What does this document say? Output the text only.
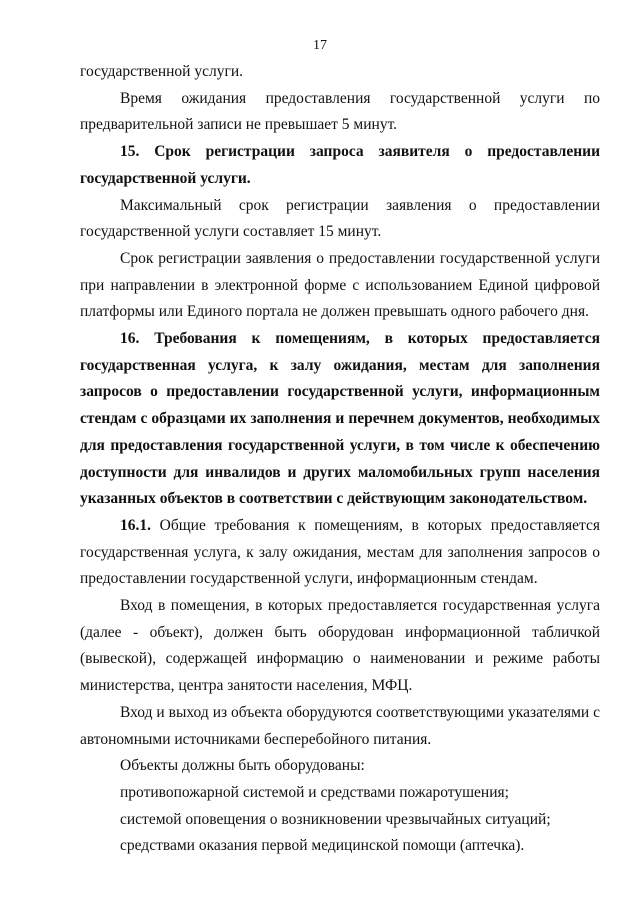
17

государственной услуги.

Время ожидания предоставления государственной услуги по предварительной записи не превышает 5 минут.

15. Срок регистрации запроса заявителя о предоставлении государственной услуги.

Максимальный срок регистрации заявления о предоставлении государственной услуги составляет 15 минут.

Срок регистрации заявления о предоставлении государственной услуги при направлении в электронной форме с использованием Единой цифровой платформы или Единого портала не должен превышать одного рабочего дня.

16. Требования к помещениям, в которых предоставляется государственная услуга, к залу ожидания, местам для заполнения запросов о предоставлении государственной услуги, информационным стендам с образцами их заполнения и перечнем документов, необходимых для предоставления государственной услуги, в том числе к обеспечению доступности для инвалидов и других маломобильных групп населения указанных объектов в соответствии с действующим законодательством.

16.1. Общие требования к помещениям, в которых предоставляется государственная услуга, к залу ожидания, местам для заполнения запросов о предоставлении государственной услуги, информационным стендам.

Вход в помещения, в которых предоставляется государственная услуга (далее - объект), должен быть оборудован информационной табличкой (вывеской), содержащей информацию о наименовании и режиме работы министерства, центра занятости населения, МФЦ.

Вход и выход из объекта оборудуются соответствующими указателями с автономными источниками бесперебойного питания.

Объекты должны быть оборудованы:

противопожарной системой и средствами пожаротушения;

системой оповещения о возникновении чрезвычайных ситуаций;

средствами оказания первой медицинской помощи (аптечка).
